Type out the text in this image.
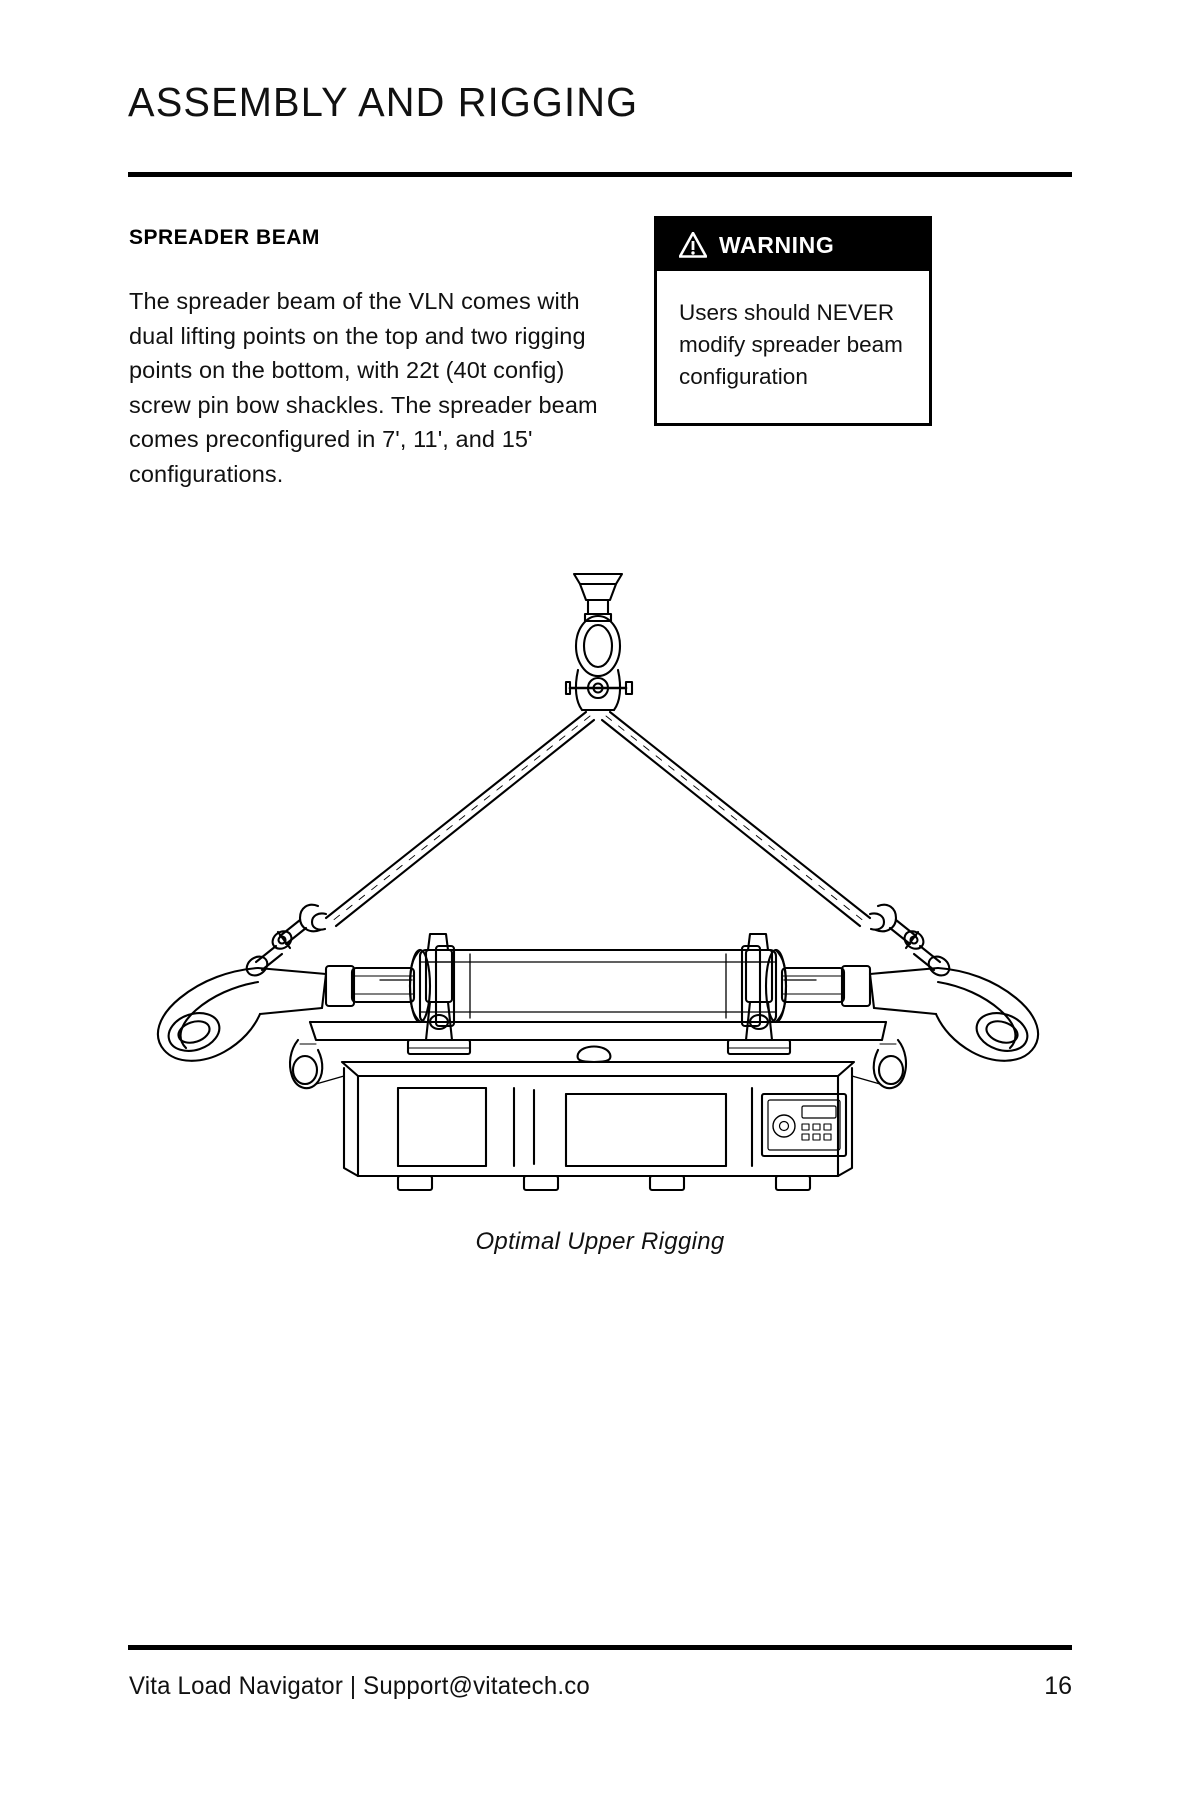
ASSEMBLY AND RIGGING
SPREADER BEAM

The spreader beam of the VLN comes with dual lifting points on the top and two rigging points on the bottom, with 22t (40t config) screw pin bow shackles. The spreader beam comes preconfigured in 7', 11', and 15' configurations.

WARNING
Users should NEVER modify spreader beam configuration
Optimal Upper Rigging
Vita Load Navigator | Support@vitatech.co	16
